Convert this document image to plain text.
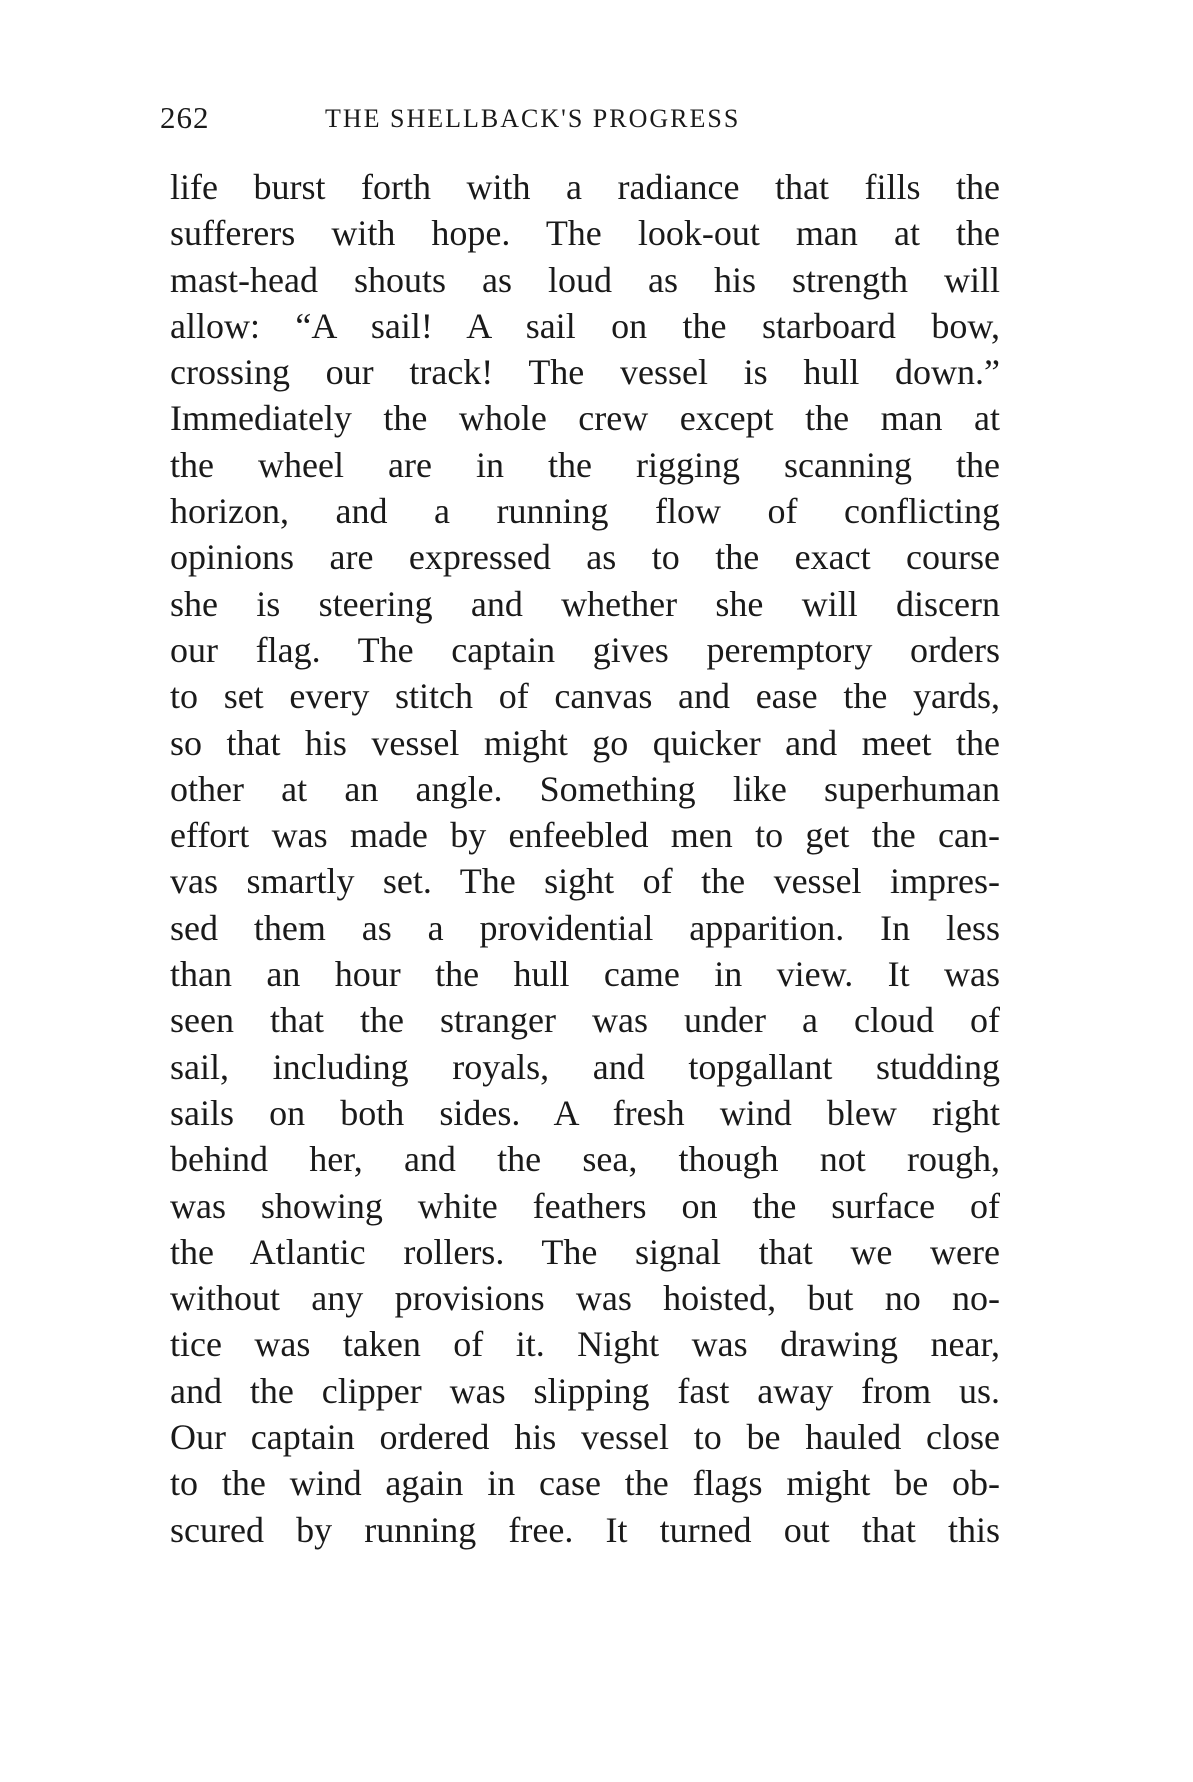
262	THE SHELLBACK'S PROGRESS
life burst forth with a radiance that fills the
sufferers with hope. The look-out man at the
mast-head shouts as loud as his strength will
allow: “A sail! A sail on the starboard bow,
crossing our track! The vessel is hull down.”
Immediately the whole crew except the man at
the wheel are in the rigging scanning the
horizon, and a running flow of conflicting
opinions are expressed as to the exact course
she is steering and whether she will discern
our flag. The captain gives peremptory orders
to set every stitch of canvas and ease the yards,
so that his vessel might go quicker and meet the
other at an angle. Something like superhuman
effort was made by enfeebled men to get the can-
vas smartly set. The sight of the vessel impres-
sed them as a providential apparition. In less
than an hour the hull came in view. It was
seen that the stranger was under a cloud of
sail, including royals, and topgallant studding
sails on both sides. A fresh wind blew right
behind her, and the sea, though not rough,
was showing white feathers on the surface of
the Atlantic rollers. The signal that we were
without any provisions was hoisted, but no no-
tice was taken of it. Night was drawing near,
and the clipper was slipping fast away from us.
Our captain ordered his vessel to be hauled close
to the wind again in case the flags might be ob-
scured by running free. It turned out that this
